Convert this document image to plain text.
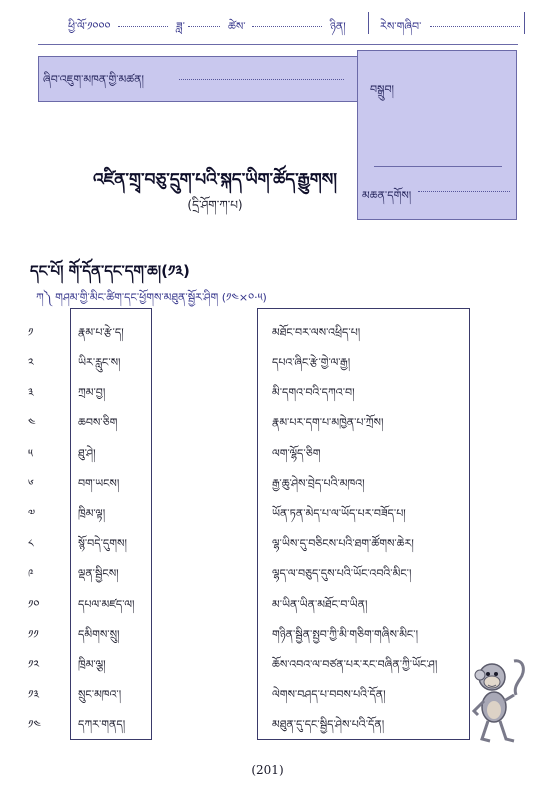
ཕྱི་ལོ་༡༠༠༠	ཟླ་	ཚེས་	ཉིན།	རེས་གཞིབ་
ཞིབ་འཇུག་མཁན་གྱི་མཚན།
བསྒྲུབ།
མཆན་དགོས།
འཛིན་གྲྭ་བཅུ་དྲུག་པའི་སྐད་ཡིག་ཚོད་རྒྱུགས།
(དྲི་ཤོག་ཀ་པ)
དང་པོ། གོ་དོན་དང་དག་ཆ།(༡༣)
ཀ༽ གཤམ་གྱི་མིང་ཚིག་དང་ཕྱོགས་མཐུན་སྦྱོར་ཤིག (༡༤×༠·༥)
༡	རྣམ་པ་རྩེ་ད།	མཐོང་བར་ལས་འཕྲིད་པ།
༢	ཡིར་རླུང་ས།	དཔའ་ཞིང་རྩེ་གྱེ་ལ་རྒྱ།
༣	ཀྲམ་བྱ།	མི་དགའ་བའི་དཀའ་བ།
༤	ཆབས་ཅིག	རྣམ་པར་དག་པ་མཁྱེན་པ་ཀྲོས།
༥	ཐུ་ཤེ།	ལག་ལྷོད་ཅིག
༦	བག་ཡངས།	རྒྱ་ཆུ་ཤེས་བྲེད་པའི་མཁའ།
༧	ཁྲིམ་ལྟ།	ཡོན་ཏན་མེད་པ་ལ་ཡོད་པར་བཟོད་པ།
༨	སྙོ་བདེ་དུགས།	ལྷ་ཡིས་དུ་བཅིངས་པའི་ཐག་ཚོགས་ཆེར།
༩	ལྡན་སྦྱིངས།	ལྷད་ལ་བཅུད་དུས་པའི་ཡོང་འབའི་མིང་།
༡༠	དཔལ་མཛད་ལ།	མ་ཡིན་ཡིན་མཐོང་བ་ཡིན།
༡༡	དམིགས་སྲུ།	གཉིན་སྦྱིན་སྤྱབ་ཀྱི་མི་གཅིག་གཞིས་མིང་།
༡༢	ཁྲིམ་ལྕ།	ཆོས་འབའ་ལ་བཙན་པར་རང་བཞིན་ཀྱི་ཡོང་ཤ།
༡༣	སྲུང་མཁའ་།	ལེགས་བཤད་པ་བབས་པའི་དོན།
༡༤	དཀར་གནད།	མཐུན་དུ་དང་སྦྱིད་ཤེས་པའི་དོན།
(201)
